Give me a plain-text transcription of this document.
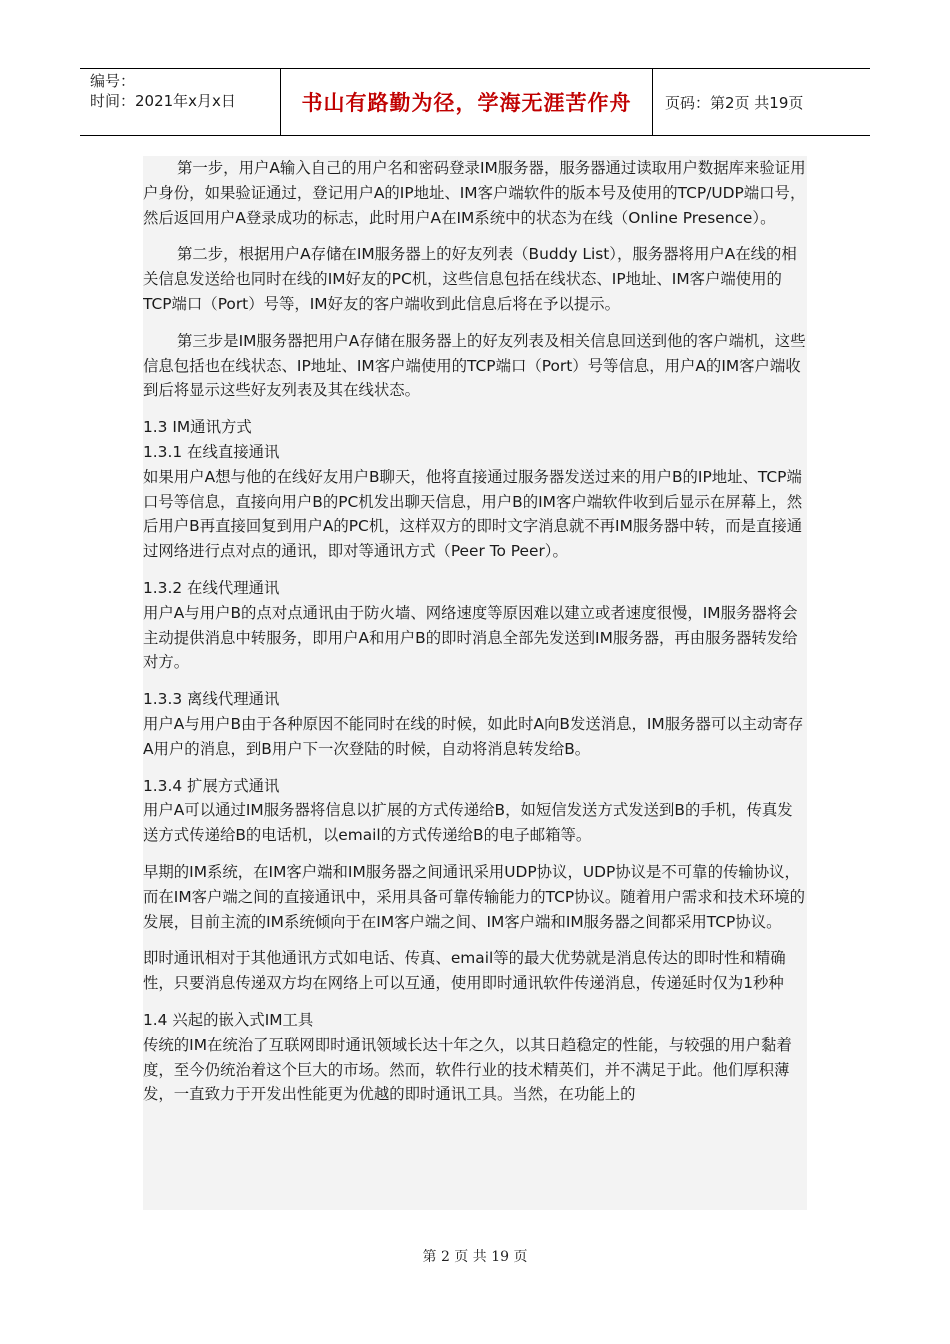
编号：
时间：2021年x月x日	书山有路勤为径，学海无涯苦作舟 页码：第2页 共19页

第一步，用户A输入自己的用户名和密码登录IM服务器，服务器通过读取用户数据库来验证用户身份，如果验证通过，登记用户A的IP地址、IM客户端软件的版本号及使用的TCP/UDP端口号，然后返回用户A登录成功的标志，此时用户A在IM系统中的状态为在线（Online Presence）。

第二步，根据用户A存储在IM服务器上的好友列表（Buddy List），服务器将用户A在线的相关信息发送给也同时在线的IM好友的PC机，这些信息包括在线状态、IP地址、IM客户端使用的TCP端口（Port）号等，IM好友的客户端收到此信息后将在予以提示。

第三步是IM服务器把用户A存储在服务器上的好友列表及相关信息回送到他的客户端机，这些信息包括也在线状态、IP地址、IM客户端使用的TCP端口（Port）号等信息，用户A的IM客户端收到后将显示这些好友列表及其在线状态。

1.3 IM通讯方式

1.3.1 在线直接通讯

如果用户A想与他的在线好友用户B聊天，他将直接通过服务器发送过来的用户B的IP地址、TCP端口号等信息，直接向用户B的PC机发出聊天信息，用户B的IM客户端软件收到后显示在屏幕上，然后用户B再直接回复到用户A的PC机，这样双方的即时文字消息就不再IM服务器中转，而是直接通过网络进行点对点的通讯，即对等通讯方式（Peer To Peer）。

1.3.2 在线代理通讯

用户A与用户B的点对点通讯由于防火墙、网络速度等原因难以建立或者速度很慢，IM服务器将会主动提供消息中转服务，即用户A和用户B的即时消息全部先发送到IM服务器，再由服务器转发给对方。

1.3.3 离线代理通讯

用户A与用户B由于各种原因不能同时在线的时候，如此时A向B发送消息，IM服务器可以主动寄存A用户的消息，到B用户下一次登陆的时候，自动将消息转发给B。

1.3.4 扩展方式通讯

用户A可以通过IM服务器将信息以扩展的方式传递给B，如短信发送方式发送到B的手机，传真发送方式传递给B的电话机，以email的方式传递给B的电子邮箱等。

早期的IM系统，在IM客户端和IM服务器之间通讯采用UDP协议，UDP协议是不可靠的传输协议，而在IM客户端之间的直接通讯中，采用具备可靠传输能力的TCP协议。随着用户需求和技术环境的发展，目前主流的IM系统倾向于在IM客户端之间、IM客户端和IM服务器之间都采用TCP协议。

即时通讯相对于其他通讯方式如电话、传真、email等的最大优势就是消息传达的即时性和精确性，只要消息传递双方均在网络上可以互通，使用即时通讯软件传递消息，传递延时仅为1秒种

1.4 兴起的嵌入式IM工具

传统的IM在统治了互联网即时通讯领域长达十年之久，以其日趋稳定的性能，与较强的用户黏着度，至今仍统治着这个巨大的市场。然而，软件行业的技术精英们，并不满足于此。他们厚积薄发，一直致力于开发出性能更为优越的即时通讯工具。当然，在功能上的

第 2 页 共 19 页
